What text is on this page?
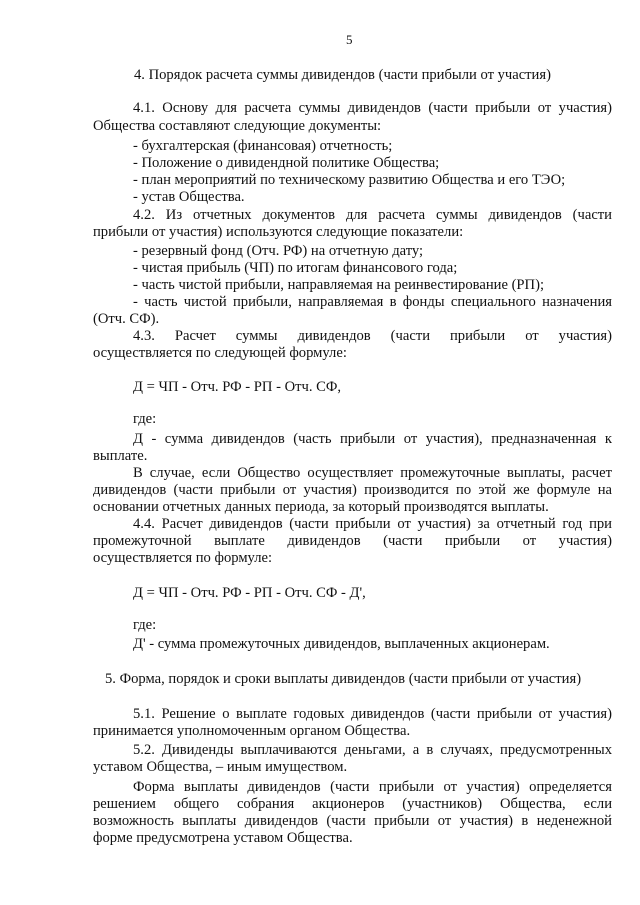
5
4. Порядок расчета суммы дивидендов (части прибыли от участия)
4.1. Основу для расчета суммы дивидендов (части прибыли от участия)
Общества составляют следующие документы:
- бухгалтерская (финансовая) отчетность;
- Положение о дивидендной политике Общества;
- план мероприятий по техническому развитию Общества и его ТЭО;
- устав Общества.
4.2. Из отчетных документов для расчета суммы дивидендов (части
прибыли от участия) используются следующие показатели:
- резервный фонд (Отч. РФ) на отчетную дату;
- чистая прибыль (ЧП) по итогам финансового года;
- часть чистой прибыли, направляемая на реинвестирование (РП);
- часть чистой прибыли, направляемая в фонды специального назначения
(Отч. СФ).
4.3. Расчет суммы дивидендов (части прибыли от участия)
осуществляется по следующей формуле:
Д = ЧП - Отч. РФ - РП - Отч. СФ,
где:
Д - сумма дивидендов (часть прибыли от участия), предназначенная к
выплате.
В случае, если Общество осуществляет промежуточные выплаты, расчет
дивидендов (части прибыли от участия) производится по этой же формуле на
основании отчетных данных периода, за который производятся выплаты.
4.4. Расчет дивидендов (части прибыли от участия) за отчетный год при
промежуточной выплате дивидендов (части прибыли от участия)
осуществляется по формуле:
Д = ЧП - Отч. РФ - РП - Отч. СФ - Д',
где:
Д' - сумма промежуточных дивидендов, выплаченных акционерам.
5. Форма, порядок и сроки выплаты дивидендов (части прибыли от участия)
5.1. Решение о выплате годовых дивидендов (части прибыли от участия)
принимается уполномоченным органом Общества.
5.2. Дивиденды выплачиваются деньгами, а в случаях, предусмотренных
уставом Общества, – иным имуществом.
Форма выплаты дивидендов (части прибыли от участия) определяется
решением общего собрания акционеров (участников) Общества, если
возможность выплаты дивидендов (части прибыли от участия) в неденежной
форме предусмотрена уставом Общества.
